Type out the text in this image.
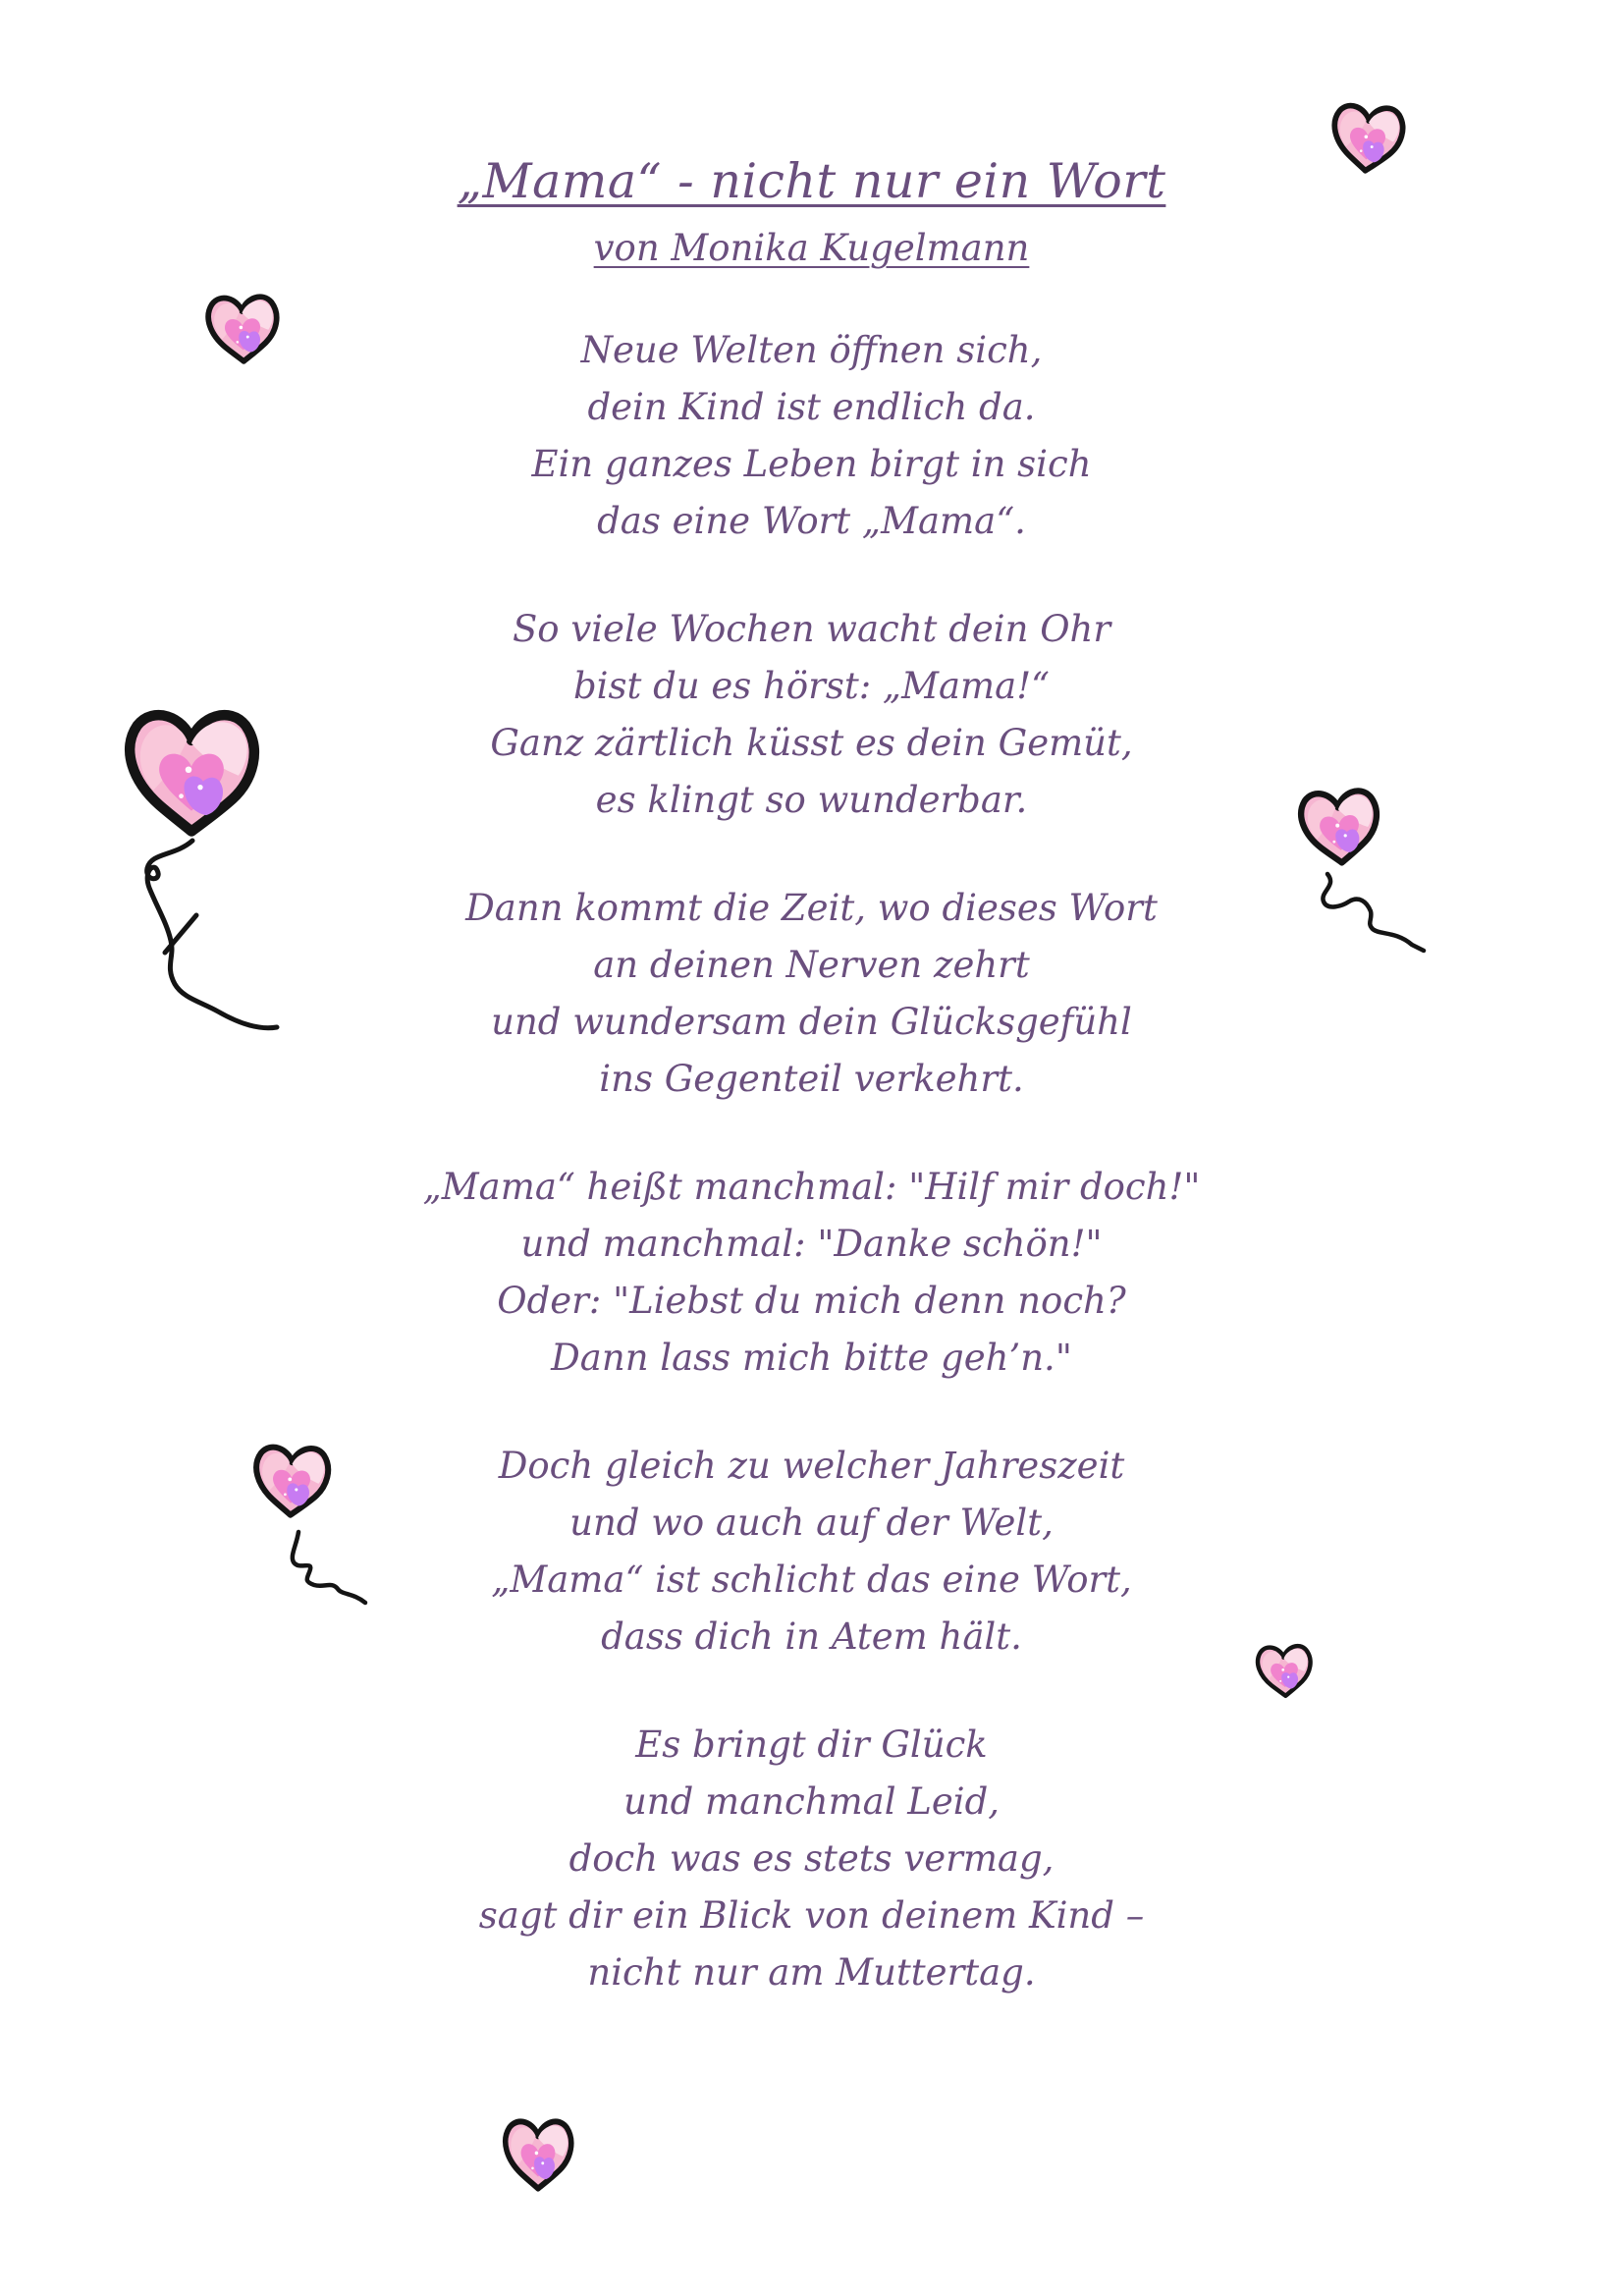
„Mama“ - nicht nur ein Wort
von Monika Kugelmann
Neue Welten öffnen sich,
dein Kind ist endlich da.
Ein ganzes Leben birgt in sich
das eine Wort „Mama“.
So viele Wochen wacht dein Ohr
bist du es hörst: „Mama!“
Ganz zärtlich küsst es dein Gemüt,
es klingt so wunderbar.
Dann kommt die Zeit, wo dieses Wort
an deinen Nerven zehrt
und wundersam dein Glücksgefühl
ins Gegenteil verkehrt.
„Mama“ heißt manchmal: "Hilf mir doch!"
und manchmal: "Danke schön!"
Oder: "Liebst du mich denn noch?
Dann lass mich bitte geh’n."
Doch gleich zu welcher Jahreszeit
und wo auch auf der Welt,
„Mama“ ist schlicht das eine Wort,
dass dich in Atem hält.
Es bringt dir Glück
und manchmal Leid,
doch was es stets vermag,
sagt dir ein Blick von deinem Kind –
nicht nur am Muttertag.
